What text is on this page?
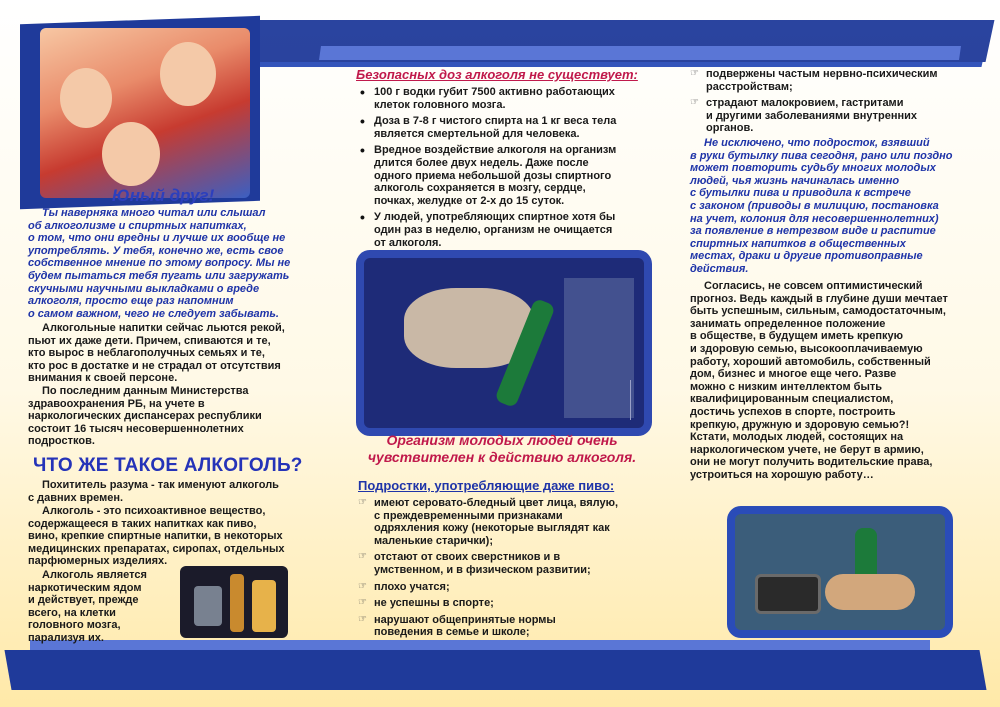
Юный друг!
Ты наверняка много читал или слышал
об алкоголизме и спиртных напитках,
о том, что они вредны и лучше их вообще не
употреблять. У тебя, конечно же, есть свое
собственное мнение по этому вопросу. Мы не
будем пытаться тебя пугать или загружать
скучными научными выкладками о вреде
алкоголя, просто еще раз напомним
о самом важном, чего не следует забывать.
Алкогольные напитки сейчас льются рекой,
пьют их даже дети. Причем, спиваются и те,
кто вырос в неблагополучных семьях и те,
кто рос в достатке и не страдал от отсутствия
внимания к своей персоне.
По последним данным Министерства
здравоохранения РБ, на учете в
наркологических диспансерах республики
состоит 16 тысяч несовершеннолетних
подростков.
ЧТО ЖЕ ТАКОЕ АЛКОГОЛЬ?
Похититель разума - так именуют алкоголь
с давних времен.
Алкоголь - это психоактивное вещество,
содержащееся в таких напитках как пиво,
вино, крепкие спиртные напитки, в некоторых
медицинских препаратах, сиропах, отдельных
парфюмерных изделиях.
Алкоголь является
наркотическим ядом
и действует, прежде
всего, на клетки
головного мозга,
парализуя их.
Безопасных доз алкоголя не существует:
• 100 г водки губит 7500 активно работающих
клеток головного мозга.
• Доза в 7-8 г чистого спирта на 1 кг веса тела
является смертельной для человека.
• Вредное воздействие алкоголя на организм
длится более двух недель. Даже после
одного приема небольшой дозы спиртного
алкоголь сохраняется в мозгу, сердце,
почках, желудке от 2-х до 15 суток.
• У людей, употребляющих спиртное хотя бы
один раз в неделю, организм не очищается
от алкоголя.
Организм молодых людей очень
чувствителен к действию алкоголя.
Подростки, употребляющие даже пиво:
☞ имеют серовато-бледный цвет лица, вялую,
с преждевременными признаками
одряхления кожу (некоторые выглядят как
маленькие старички);
☞ отстают от своих сверстников и в
умственном, и в физическом развитии;
☞ плохо учатся;
☞ не успешны в спорте;
☞ нарушают общепринятые нормы
поведения в семье и школе;
☞ подвержены частым нервно-психическим
расстройствам;
☞ страдают малокровием, гастритами
и другими заболеваниями внутренних
органов.
Не исключено, что подросток, взявший
в руки бутылку пива сегодня, рано или поздно
может повторить судьбу многих молодых
людей, чья жизнь начиналась именно
с бутылки пива и приводила к встрече
с законом (приводы в милицию, постановка
на учет, колония для несовершеннолетних)
за появление в нетрезвом виде и распитие
спиртных напитков в общественных
местах, драки и другие противоправные
действия.
Согласись, не совсем оптимистический
прогноз. Ведь каждый в глубине души мечтает
быть успешным, сильным, самодостаточным,
занимать определенное положение
в обществе, в будущем иметь крепкую
и здоровую семью, высокооплачиваемую
работу, хороший автомобиль, собственный
дом, бизнес и многое еще чего. Разве
можно с низким интеллектом быть
квалифицированным специалистом,
достичь успехов в спорте, построить
крепкую, дружную и здоровую семью?!
Кстати, молодых людей, состоящих на
наркологическом учете, не берут в армию,
они не могут получить водительские права,
устроиться на хорошую работу…
